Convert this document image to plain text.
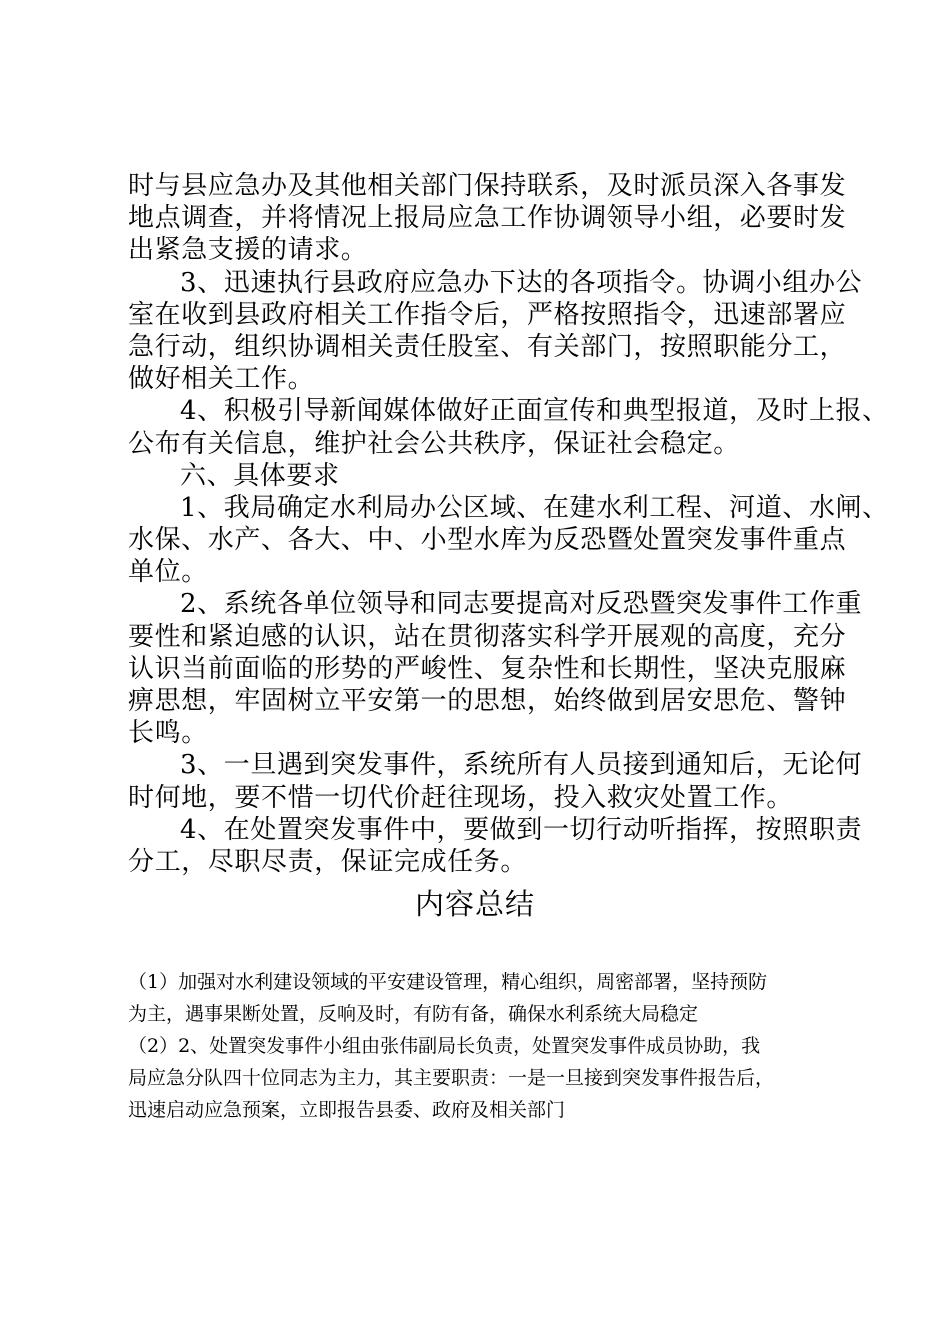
时与县应急办及其他相关部门保持联系，及时派员深入各事发
地点调查，并将情况上报局应急工作协调领导小组，必要时发
出紧急支援的请求。
3、迅速执行县政府应急办下达的各项指令。协调小组办公
室在收到县政府相关工作指令后，严格按照指令，迅速部署应
急行动，组织协调相关责任股室、有关部门，按照职能分工，
做好相关工作。
4、积极引导新闻媒体做好正面宣传和典型报道，及时上报、
公布有关信息，维护社会公共秩序，保证社会稳定。
六、具体要求
1、我局确定水利局办公区域、在建水利工程、河道、水闸、
水保、水产、各大、中、小型水库为反恐暨处置突发事件重点
单位。
2、系统各单位领导和同志要提高对反恐暨突发事件工作重
要性和紧迫感的认识，站在贯彻落实科学开展观的高度，充分
认识当前面临的形势的严峻性、复杂性和长期性，坚决克服麻
痹思想，牢固树立平安第一的思想，始终做到居安思危、警钟
长鸣。
3、一旦遇到突发事件，系统所有人员接到通知后，无论何
时何地，要不惜一切代价赶往现场，投入救灾处置工作。
4、在处置突发事件中，要做到一切行动听指挥，按照职责
分工，尽职尽责，保证完成任务。
内容总结
（1）加强对水利建设领域的平安建设管理，精心组织，周密部署，坚持预防
为主，遇事果断处置，反响及时，有防有备，确保水利系统大局稳定
（2）2、处置突发事件小组由张伟副局长负责，处置突发事件成员协助，我
局应急分队四十位同志为主力，其主要职责：一是一旦接到突发事件报告后，
迅速启动应急预案，立即报告县委、政府及相关部门
